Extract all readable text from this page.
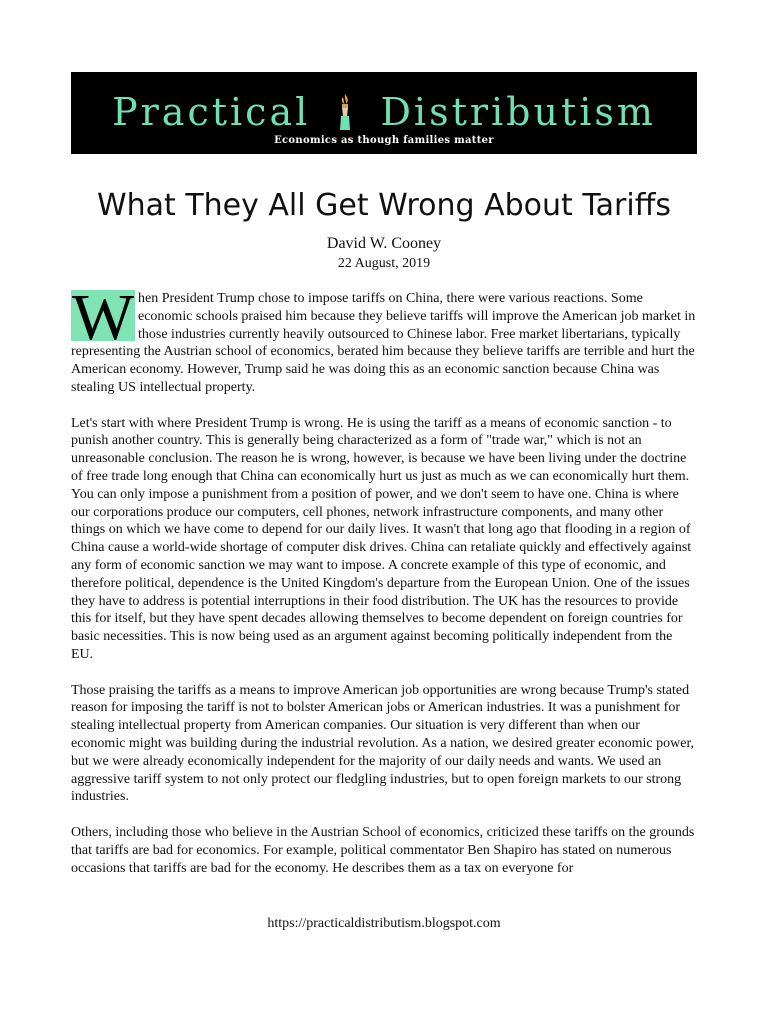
Practical Distributism
Economics as though families matter
What They All Get Wrong About Tariffs
David W. Cooney
22 August, 2019

W hen President Trump chose to impose tariffs on China, there were various reactions. Some economic schools praised him because they believe tariffs will improve the American job market in those industries currently heavily outsourced to Chinese labor. Free market libertarians, typically representing the Austrian school of economics, berated him because they believe tariffs are terrible and hurt the American economy. However, Trump said he was doing this as an economic sanction because China was stealing US intellectual property.

Let's start with where President Trump is wrong. He is using the tariff as a means of economic sanction - to punish another country. This is generally being characterized as a form of "trade war," which is not an unreasonable conclusion. The reason he is wrong, however, is because we have been living under the doctrine of free trade long enough that China can economically hurt us just as much as we can economically hurt them. You can only impose a punishment from a position of power, and we don't seem to have one. China is where our corporations produce our computers, cell phones, network infrastructure components, and many other things on which we have come to depend for our daily lives. It wasn't that long ago that flooding in a region of China cause a world-wide shortage of computer disk drives. China can retaliate quickly and effectively against any form of economic sanction we may want to impose. A concrete example of this type of economic, and therefore political, dependence is the United Kingdom's departure from the European Union. One of the issues they have to address is potential interruptions in their food distribution. The UK has the resources to provide this for itself, but they have spent decades allowing themselves to become dependent on foreign countries for basic necessities. This is now being used as an argument against becoming politically independent from the EU.

Those praising the tariffs as a means to improve American job opportunities are wrong because Trump's stated reason for imposing the tariff is not to bolster American jobs or American industries. It was a punishment for stealing intellectual property from American companies. Our situation is very different than when our economic might was building during the industrial revolution. As a nation, we desired greater economic power, but we were already economically independent for the majority of our daily needs and wants. We used an aggressive tariff system to not only protect our fledgling industries, but to open foreign markets to our strong industries.

Others, including those who believe in the Austrian School of economics, criticized these tariffs on the grounds that tariffs are bad for economics. For example, political commentator Ben Shapiro has stated on numerous occasions that tariffs are bad for the economy. He describes them as a tax on everyone for

https://practicaldistributism.blogspot.com
